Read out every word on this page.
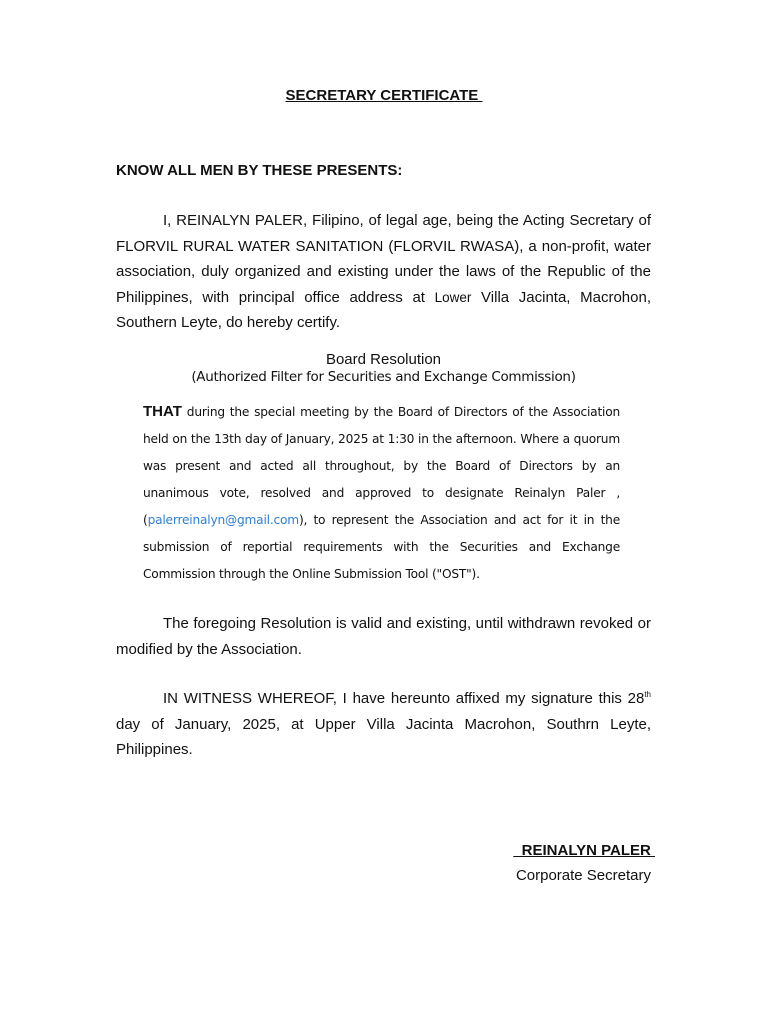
SECRETARY CERTIFICATE
KNOW ALL MEN BY THESE PRESENTS:

I, REINALYN PALER, Filipino, of legal age, being the Acting Secretary of FLORVIL RURAL WATER SANITATION (FLORVIL RWASA), a non-profit, water association, duly organized and existing under the laws of the Republic of the Philippines, with principal office address at Lower Villa Jacinta, Macrohon, Southern Leyte, do hereby certify.

Board Resolution
(Authorized Filter for Securities and Exchange Commission)

THAT during the special meeting by the Board of Directors of the Association held on the 13th day of January, 2025 at 1:30 in the afternoon. Where a quorum was present and acted all throughout, by the Board of Directors by an unanimous vote, resolved and approved to designate Reinalyn Paler ,(palerreinalyn@gmail.com), to represent the Association and act for it in the submission of reportial requirements with the Securities and Exchange Commission through the Online Submission Tool ("OST").

The foregoing Resolution is valid and existing, until withdrawn revoked or modified by the Association.

IN WITNESS WHEREOF, I have hereunto affixed my signature this 28th day of January, 2025, at Upper Villa Jacinta Macrohon, Southrn Leyte, Philippines.

REINALYN PALER
Corporate Secretary
